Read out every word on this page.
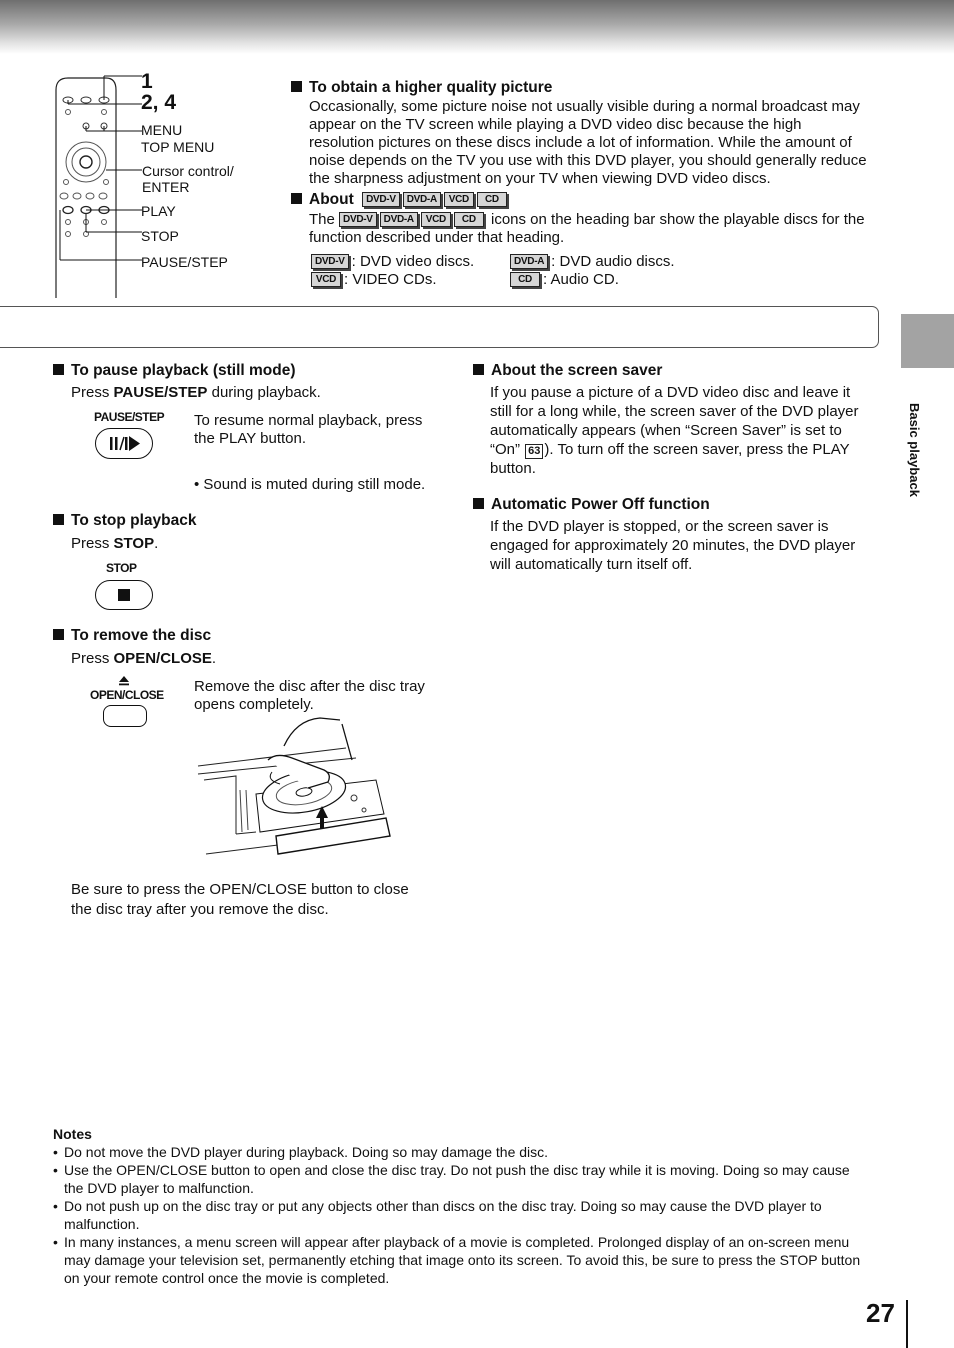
1
2, 4
MENU
TOP MENU
Cursor control/
ENTER
PLAY
STOP
PAUSE/STEP
To obtain a higher quality picture
Occasionally, some picture noise not usually visible during a normal broadcast may
appear on the TV screen while playing a DVD video disc because the high
resolution pictures on these discs include a lot of information. While the amount of
noise depends on the TV you use with this DVD player, you should generally reduce
the sharpness adjustment on your TV when viewing DVD video discs.
About DVD-V DVD-A VCD CD
The DVD-V DVD-A VCD CD icons on the heading bar show the playable discs for the
function described under that heading.
DVD-V : DVD video discs.
VCD : VIDEO CDs.
DVD-A : DVD audio discs.
CD : Audio CD.
Basic playback
To pause playback (still mode)
Press PAUSE/STEP during playback.
PAUSE/STEP To resume normal playback, press
the PLAY button.
• Sound is muted during still mode.
To stop playback
Press STOP.
STOP
To remove the disc
Press OPEN/CLOSE.
OPEN/CLOSE Remove the disc after the disc tray
opens completely.
Be sure to press the OPEN/CLOSE button to close
the disc tray after you remove the disc.
About the screen saver
If you pause a picture of a DVD video disc and leave it
still for a long while, the screen saver of the DVD player
automatically appears (when “Screen Saver” is set to
“On” 63 ). To turn off the screen saver, press the PLAY
button.
Automatic Power Off function
If the DVD player is stopped, or the screen saver is
engaged for approximately 20 minutes, the DVD player
will automatically turn itself off.
Notes
• Do not move the DVD player during playback. Doing so may damage the disc.
• Use the OPEN/CLOSE button to open and close the disc tray. Do not push the disc tray while it is moving. Doing so may cause the DVD player to malfunction.
• Do not push up on the disc tray or put any objects other than discs on the disc tray. Doing so may cause the DVD player to malfunction.
• In many instances, a menu screen will appear after playback of a movie is completed. Prolonged display of an on-screen menu may damage your television set, permanently etching that image onto its screen. To avoid this, be sure to press the STOP button on your remote control once the movie is completed.
27
